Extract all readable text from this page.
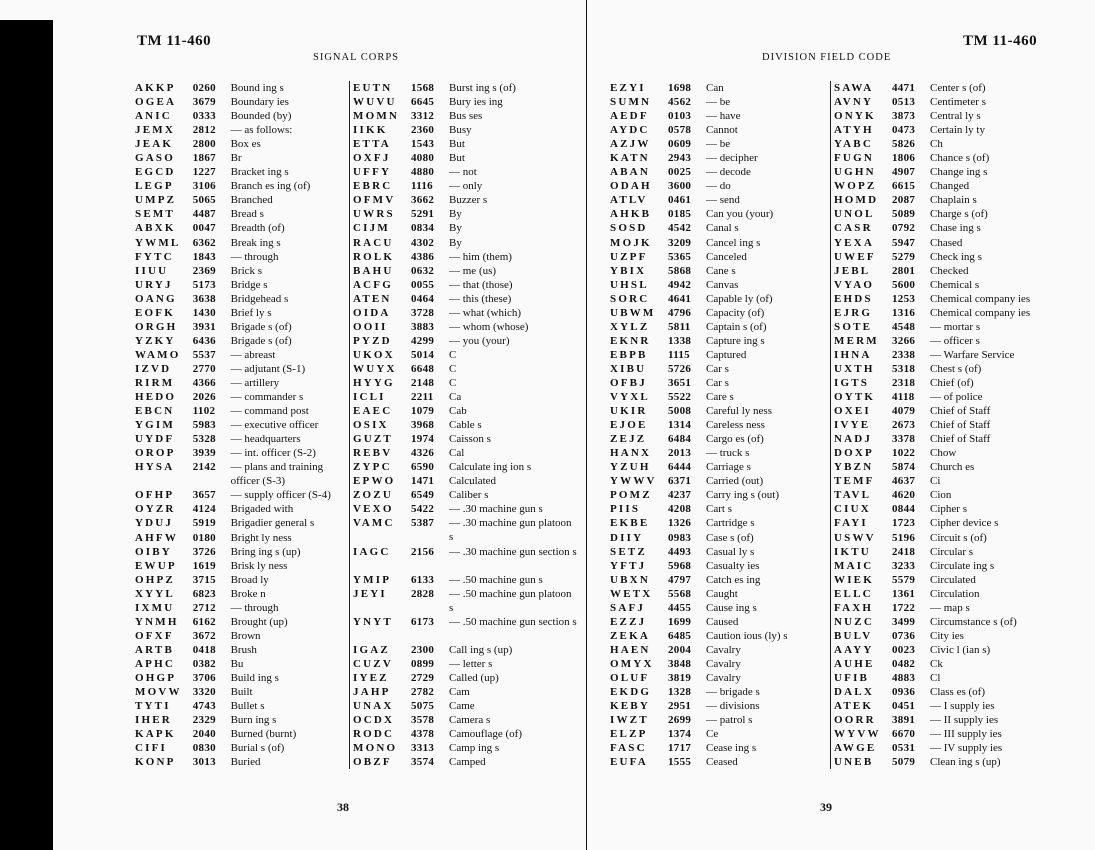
TM 11-460
SIGNAL CORPS
TM 11-460
DIVISION FIELD CODE
AKKP	0260	Bound ing s
OGEA	3679	Boundary ies
ANIC	0333	Bounded (by)
JEMX	2812	— as follows:
JEAK	2800	Box es
GASO	1867	Br
EGCD	1227	Bracket ing s
LEGP	3106	Branch es ing (of)
UMPZ	5065	Branched
SEMT	4487	Bread s
ABXK	0047	Breadth (of)
YWML	6362	Break ing s
FYTC	1843	— through
IIUU	2369	Brick s
URYJ	5173	Bridge s
OANG	3638	Bridgehead s
EOFK	1430	Brief ly s
ORGH	3931	Brigade s (of)
YZKY	6436	Brigade s (of)
WAMO	5537	— abreast
IZVD	2770	— adjutant (S-1)
RIRM	4366	— artillery
HEDO	2026	— commander s
EBCN	1102	— command post
YGIM	5983	— executive officer
UYDF	5328	— headquarters
OROP	3939	— int. officer (S-2)
HYSA	2142	— plans and training officer (S-3)
OFHP	3657	— supply officer (S-4)
OYZR	4124	Brigaded with
YDUJ	5919	Brigadier general s
AHFW	0180	Bright ly ness
OIBY	3726	Bring ing s (up)
EWUP	1619	Brisk ly ness
OHPZ	3715	Broad ly
XYYL	6823	Broke n
IXMU	2712	— through
YNMH	6162	Brought (up)
OFXF	3672	Brown
ARTB	0418	Brush
APHC	0382	Bu
OHGP	3706	Build ing s
MOVW	3320	Built
TYTI	4743	Bullet s
IHER	2329	Burn ing s
KAPK	2040	Burned (burnt)
CIFI	0830	Burial s (of)
KONP	3013	Buried
EUTN	1568	Burst ing s (of)
WUVU	6645	Bury ies ing
MOMN	3312	Bus ses
IIKK	2360	Busy
ETTA	1543	But
OXFJ	4080	But
UFFY	4880	— not
EBRC	1116	— only
OFMV	3662	Buzzer s
UWRS	5291	By
CIJM	0834	By
RACU	4302	By
ROLK	4386	— him (them)
BAHU	0632	— me (us)
ACFG	0055	— that (those)
ATEN	0464	— this (these)
OIDA	3728	— what (which)
OOII	3883	— whom (whose)
PYZD	4299	— you (your)
UKOX	5014	C
WUYX	6648	C
HYYG	2148	C
ICLI	2211	Ca
EAEC	1079	Cab
OSIX	3968	Cable s
GUZT	1974	Caisson s
REBV	4326	Cal
ZYPC	6590	Calculate ing ion s
EPWO	1471	Calculated
ZOZU	6549	Caliber s
VEXO	5422	— .30 machine gun s
VAMC	5387	— .30 machine gun platoon s
IAGC	2156	— .30 machine gun section s
YMIP	6133	— .50 machine gun s
JEYI	2828	— .50 machine gun platoon s
YNYT	6173	— .50 machine gun section s
IGAZ	2300	Call ing s (up)
CUZV	0899	— letter s
IYEZ	2729	Called (up)
JAHP	2782	Cam
UNAX	5075	Came
OCDX	3578	Camera s
RODC	4378	Camouflage (of)
MONO	3313	Camp ing s
OBZF	3574	Camped
EZYI	1698	Can
SUMN	4562	— be
AEDF	0103	— have
AYDC	0578	Cannot
AZJW	0609	— be
KATN	2943	— decipher
ABAN	0025	— decode
ODAH	3600	— do
ATLV	0461	— send
AHKB	0185	Can you (your)
SOSD	4542	Canal s
MOJK	3209	Cancel ing s
UZPF	5365	Canceled
YBIX	5868	Cane s
UHSL	4942	Canvas
SORC	4641	Capable ly (of)
UBWM	4796	Capacity (of)
XYLZ	5811	Captain s (of)
EKNR	1338	Capture ing s
EBPB	1115	Captured
XIBU	5726	Car s
OFBJ	3651	Car s
VYXL	5522	Care s
UKIR	5008	Careful ly ness
EJOE	1314	Careless ness
ZEJZ	6484	Cargo es (of)
HANX	2013	— truck s
YZUH	6444	Carriage s
YWWV	6371	Carried (out)
POMZ	4237	Carry ing s (out)
PIIS	4208	Cart s
EKBE	1326	Cartridge s
DIIY	0983	Case s (of)
SETZ	4493	Casual ly s
YFTJ	5968	Casualty ies
UBXN	4797	Catch es ing
WETX	5568	Caught
SAFJ	4455	Cause ing s
EZZJ	1699	Caused
ZEKA	6485	Caution ious (ly) s
HAEN	2004	Cavalry
OMYX	3848	Cavalry
OLUF	3819	Cavalry
EKDG	1328	— brigade s
KEBY	2951	— divisions
IWZT	2699	— patrol s
ELZP	1374	Ce
FASC	1717	Cease ing s
EUFA	1555	Ceased
SAWA	4471	Center s (of)
AVNY	0513	Centimeter s
ONYK	3873	Central ly s
ATYH	0473	Certain ly ty
YABC	5826	Ch
FUGN	1806	Chance s (of)
UGHN	4907	Change ing s
WOPZ	6615	Changed
HOMD	2087	Chaplain s
UNOL	5089	Charge s (of)
CASR	0792	Chase ing s
YEXA	5947	Chased
UWEF	5279	Check ing s
JEBL	2801	Checked
VYAO	5600	Chemical s
EHDS	1253	Chemical company ies
EJRG	1316	Chemical company ies
SOTE	4548	— mortar s
MERM	3266	— officer s
IHNA	2338	— Warfare Service
UXTH	5318	Chest s (of)
IGTS	2318	Chief (of)
OYTK	4118	— of police
OXEI	4079	Chief of Staff
IVYE	2673	Chief of Staff
NADJ	3378	Chief of Staff
DOXP	1022	Chow
YBZN	5874	Church es
TEMF	4637	Ci
TAVL	4620	Cion
CIUX	0844	Cipher s
FAYI	1723	Cipher device s
USWV	5196	Circuit s (of)
IKTU	2418	Circular s
MAIC	3233	Circulate ing s
WIEK	5579	Circulated
ELLC	1361	Circulation
FAXH	1722	— map s
NUZC	3499	Circumstance s (of)
BULV	0736	City ies
AAYY	0023	Civic l (ian s)
AUHE	0482	Ck
UFIB	4883	Cl
DALX	0936	Class es (of)
ATEK	0451	— I supply ies
OORR	3891	— II supply ies
WYVW	6670	— III supply ies
AWGE	0531	— IV supply ies
UNEB	5079	Clean ing s (up)
38	39
